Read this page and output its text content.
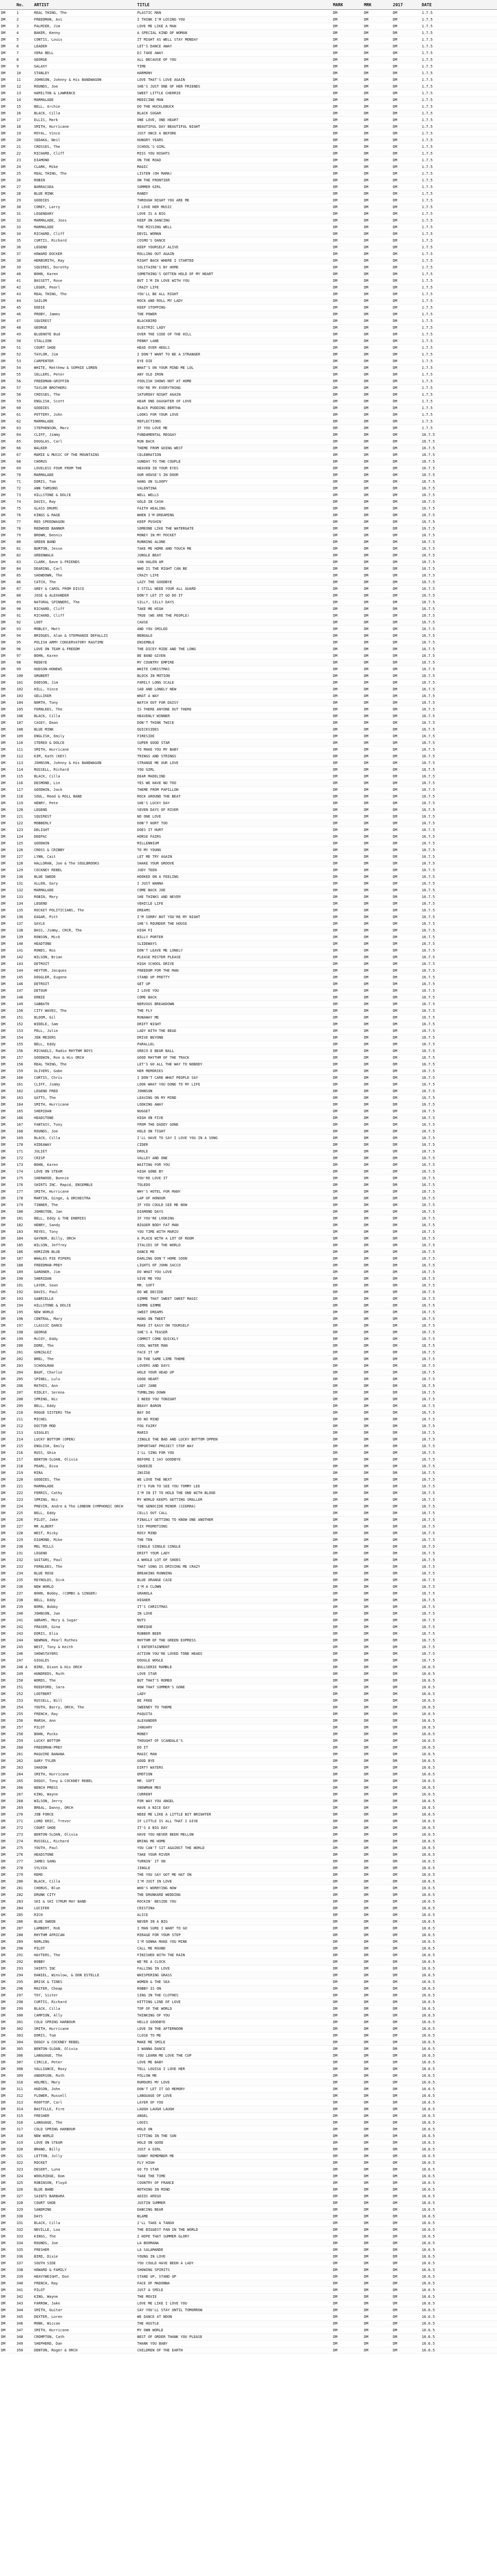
	No.	ARTIST	TITLE	MARK	MRK	2017	DATE
DM	1	REAL THING, The	PLASTIC MAN	DM	DM	DM	1.7.5
DM	2	FREEDMAN, Avi	I THINK I'M LOSING YOU	DM	DM	DM	1.7.5
DM	3	PALMIER, Jim	LOVE ME LIKE A MAN	DM	DM	DM	1.7.5
DM	4	BAKER, Kenny	A SPECIAL KIND OF WOMAN	DM	DM	DM	1.7.5
DM	5	CONTIS, Louis	IT MIGHT AS WELL STAY MONDAY	DM	DM	DM	1.7.5
DM	6	LEADER	LET'S DANCE AWAY	DM	DM	DM	1.7.5
DM	7	VERA BELL	DJ TAKE AWAY	DM	DM	DM	1.7.5
DM	8	GEORGE	ALL BECAUSE OF YOU	DM	DM	DM	1.7.5
DM	9	GALAXY	TIME	DM	DM	DM	1.7.5
DM	10	STANLEY	HARMONY	DM	DM	DM	1.7.5
DM	11	JOHNSON, Johnny & His BANDWAGON	LOVE THAT'S LOVE AGAIN	DM	DM	DM	1.7.5
DM	12	ROUNDS, Joe	SHE'S JUST ONE OF HER FRIENDS	DM	DM	DM	1.7.5
DM	13	HAMILTON & LAWRENCE	SWEET LITTLE CHERRIE	DM	DM	DM	1.7.5
DM	14	MARMALADE	MEDICINE MAN	DM	DM	DM	1.7.5
DM	15	BELL, Archie	DO THE HUCKLEBUCK	DM	DM	DM	1.7.5
DM	16	BLACK, Cilla	BLACK SUGAR	DM	DM	DM	1.7.5
DM	17	ELLIS, Mark	ONE LOVE, ONE HEART	DM	DM	DM	1.7.5
DM	18	SMITH, Hurricane	BEAUTIFUL DAY BEAUTIFUL NIGHT	DM	DM	DM	1.7.5
DM	19	ROYAL, Vince	JUST ONCE A BEFORE	DM	DM	DM	1.7.5
DM	20	SEDAKA, Neil	HUNGRY YEARS	DM	DM	DM	1.7.5
DM	21	CROSSES, The	SCHOOL'S GIRL	DM	DM	DM	1.7.5
DM	22	RICHARD, Cliff	MISS YOU NIGHTS	DM	DM	DM	1.7.5
DM	23	DIAMOND	ON THE ROAD	DM	DM	DM	1.7.5
DM	24	CLARK, Mike	MAGIC	DM	DM	DM	1.7.5
DM	25	REAL THING, The	LISTEN (OH MAMA)	DM	DM	DM	1.7.5
DM	26	ROBIN	ON THE FRONTIER	DM	DM	DM	1.7.5
DM	27	BARRACUDA	SUMMER GIRL	DM	DM	DM	1.7.5
DM	28	BLUE MINK	RANDY	DM	DM	DM	1.7.5
DM	29	GOODIES	THROUGH NIGHT YOU ARE ME	DM	DM	DM	1.7.5
DM	30	COREY, Larry	I LOVE HER MUSIC	DM	DM	DM	1.7.5
DM	31	LEGENDARY	LOVE IS A BIG	DM	DM	DM	1.7.5
DM	32	MARMALADE, Joss	KEEP ON DANCING	DM	DM	DM	1.7.5
DM	33	MARMALADE	THE MISSING WELL	DM	DM	DM	1.7.5
DM	34	RICHARD, Cliff	DEVIL WOMAN	DM	DM	DM	1.7.5
DM	35	CURTIS, Richard	COSMO'S DANCE	DM	DM	DM	1.7.5
DM	36	LEGEND	KEEP YOURSELF ALIVE	DM	DM	DM	1.7.5
DM	37	HOWARD DOCKER	ROLLING OUT AGAIN	DM	DM	DM	1.7.5
DM	38	HERBSMITH, Ray	RIGHT BACK WHERE I STARTED	DM	DM	DM	1.7.5
DM	39	SQUIRES, Dorothy	SOLITAIRE'S BY HOME	DM	DM	DM	1.7.5
DM	40	BOHN, Karen	SOMETHING'S GOTTEN HOLD OF MY HEART	DM	DM	DM	1.7.5
DM	41	BASSETT, Rose	BUT I'M IN LOVE WITH YOU	DM	DM	DM	1.7.5
DM	42	LEGER, Pearl	CRAZY LIFE	DM	DM	DM	1.7.5
DM	43	REAL THING, The	YOU'LL BE ALL RIGHT	DM	DM	DM	1.7.5
DM	44	SAILOR	ROCK AND ROLL MY LADY	DM	DM	DM	1.7.5
DM	45	EDDIE	KEEP STOPPING	DM	DM	DM	1.7.5
DM	46	PROBY, James	THE POWER	DM	DM	DM	1.7.5
DM	47	SQUIREST	BLACKBIRD	DM	DM	DM	1.7.5
DM	48	GEORGE	ELECTRIC LADY	DM	DM	DM	1.7.5
DM	49	BLUENOTE Bud	OVER THE SIDE OF THE HILL	DM	DM	DM	1.7.5
DM	50	STALLION	PENNY LANE	DM	DM	DM	1.7.5
DM	51	COURT SHOE	HEAD OVER HEELS	DM	DM	DM	1.7.5
DM	52	TAYLOR, Jim	I DON'T WANT TO BE A STRANGER	DM	DM	DM	1.7.5
DM	53	CARPENTER	EYE DIE	DM	DM	DM	1.7.5
DM	54	WHITE, Matthew & SOPHIE LOREN	WHAT'S ON YOUR MIND ME LOL	DM	DM	DM	1.7.5
DM	55	SELLERS, Peter	ANY OLD IRON	DM	DM	DM	1.7.5
DM	56	FREEDMAN-GRIFFIN	FOOLISH SHOWS NOT AT HOME	DM	DM	DM	1.7.5
DM	57	TAYLOR BROTHERS	YOU'RE MY EVERYTHING	DM	DM	DM	1.7.5
DM	58	CROSSES, The	SATURDAY NIGHT AGAIN	DM	DM	DM	1.7.5
DM	59	ENGLISH, Scott	HEAR ONE DAUGHTER OF LOVE	DM	DM	DM	1.7.5
DM	60	GOODIES	BLACK PUDDING BERTHA	DM	DM	DM	1.7.5
DM	61	POTTERY, John	LOOKS FOR YOUR LOVE	DM	DM	DM	1.7.5
DM	62	MARMALADE	REFLECTIONS	DM	DM	DM	1.7.5
DM	63	STEPHENSON, Marv	IF YOU LOVE ME	DM	DM	DM	1.7.5
DM	64	CLIFF, Jimmy	FUNDAMENTAL REGGAY	DM	DM	DM	16.7.5
DM	65	DOUGLAS, Carl	RUN BACK	DM	DM	DM	16.7.5
DM	66	WALKER	THEME FROM GOING WEST	DM	DM	DM	16.7.5
DM	67	MAMIE & MUSIC OF THE MOUNTAINS	CELEBRATION	DM	DM	DM	16.7.5
DM	68	CHORUS	SUNDAY TO THE COUPLE	DM	DM	DM	16.7.5
DM	69	LOVELESS FOUR FROM THE	HEAVEN IN YOUR EYES	DM	DM	DM	16.7.5
DM	70	MARMALADE	OUR HOUSE'S IN DOOR	DM	DM	DM	16.7.5
DM	71	DORIS, Tom	HANG ON SLOOPY	DM	DM	DM	16.7.5
DM	72	ANN TAMSONS	VALENTINA	DM	DM	DM	16.7.5
DM	73	HILLSTONE & DOLCE	WELL WELLS	DM	DM	DM	16.7.5
DM	74	DAVIS, Ray	GOLD IN CASH	DM	DM	DM	16.7.5
DM	75	GLASS DRUMS	FAITH HEALING	DM	DM	DM	16.7.5
DM	76	KINGS & RAGE	WHEN I'M DREAMING	DM	DM	DM	16.7.5
DM	77	REO SPEEDWAGON	KEEP PUSHIN'	DM	DM	DM	16.7.5
DM	78	REDWOOD BANNER	SOMEONE LIKE THE WATERGATE	DM	DM	DM	16.7.5
DM	79	BROWN, Dennis	MONEY IN MY POCKET	DM	DM	DM	16.7.5
DM	80	GREEN BAND	RUNNING ALONE	DM	DM	DM	16.7.5
DM	81	BURTON, Jesse	TAKE ME HOME AND TOUCH ME	DM	DM	DM	16.7.5
DM	82	GREENWALK	JUNGLE BEAT	DM	DM	DM	16.7.5
DM	83	CLARK, Dave & FRIENDS	VAN HALEN AM	DM	DM	DM	16.7.5
DM	84	DEARING, Carl	WHO IS THE RIGHT CAN BE	DM	DM	DM	16.7.5
DM	85	SHOWDOWN, The	CRAZY LIFE	DM	DM	DM	16.7.5
DM	86	CATCH, The	LAZY THE GOODBYE	DM	DM	DM	16.7.5
DM	87	GREY & CAROL FROM DISCO	I STILL NEED YOUR ALL GUARD	DM	DM	DM	16.7.5
DM	88	JOSE & ALEXANDER	DON'T LET IT GO DO IT	DM	DM	DM	16.7.5
DM	89	NATURAL SPINNERS, The	SILLY, SILLY DAYS	DM	DM	DM	16.7.5
DM	90	RICHARD, Cliff	TAKE ME HIGH	DM	DM	DM	16.7.5
DM	91	RICHARD, Cliff	TRUE (WE ARE THE PEOPLE)	DM	DM	DM	16.7.5
DM	92	LOOT	CAUSE	DM	DM	DM	16.7.5
DM	93	MOBLEY, Matt	AND YOU SMILED	DM	DM	DM	16.7.5
DM	94	BRIDGES, Alan & STEPHANIE DEFALLIS	BENGALO	DM	DM	DM	16.7.5
DM	95	POLISH ARMY CONSERVATORY RAGTIME	ENSEMBLE	DM	DM	DM	16.7.5
DM	96	LOVE ON TEAM & FREEDM	THE DICEY RIDE AND THE LONG	DM	DM	DM	16.7.5
DM	97	BOHN, Karen	BE BAND GIVEN	DM	DM	DM	16.7.5
DM	98	REDEYE	MY COUNTRY EMPIRE	DM	DM	DM	16.7.5
DM	99	HUDSON-HONEWS	WHITE CHRISTMAS	DM	DM	DM	16.7.5
DM	100	GRUBERT	BLOCK IN MOTION	DM	DM	DM	16.7.5
DM	101	DODSON, Jim	FAMILY LONG SCALE	DM	DM	DM	16.7.5
DM	102	HILL, Vince	SAD AND LONELY NEW	DM	DM	DM	16.7.5
DM	103	GELLIKER	WHAT A WAY	DM	DM	DM	16.7.5
DM	104	NORTH, Tony	WATCH OUT FOR DAISY	DM	DM	DM	16.7.5
DM	105	FERNLEES, The	IS THERE ANYONE OUT THERE	DM	DM	DM	16.7.5
DM	106	BLACK, Cilla	HEAVENLY WINNER	DM	DM	DM	16.7.5
DM	107	CASEY, Dean	DON'T THINK TWICE	DM	DM	DM	16.7.5
DM	108	BLUE MINK	QUICKSIDES	DM	DM	DM	16.7.5
DM	109	ENGLISH, Emily	FIRESIDE	DM	DM	DM	16.7.5
DM	110	STEREO & DOLCE	SUPER GOOD STAR	DM	DM	DM	16.7.5
DM	111	SMITH, Hurricane	TO MAKE YOU MY BABY	DM	DM	DM	16.7.5
DM	112	KIM, Kath (KEY)	TRINGS AND STRINGS	DM	DM	DM	16.7.5
DM	113	JOHNSON, Johnny & His BANDWAGON	STRANGE ME OUR LOVE	DM	DM	DM	16.7.5
DM	114	RUSSELL, Richard	YOU GIRL	DM	DM	DM	16.7.5
DM	115	BLACK, Cilla	DEAR MADELINE	DM	DM	DM	16.7.5
DM	116	DESMOND, Lin	YES WE HAVE NO TOO	DM	DM	DM	16.7.5
DM	117	GOODWIN, Jack	THEME FROM PAPILLON	DM	DM	DM	16.7.5
DM	118	SOUL, Reed & ROLL BAND	ROCK AROUND THE BEAT	DM	DM	DM	16.7.5
DM	119	HENRY, Pete	SHE'S LUCKY DAY	DM	DM	DM	16.7.5
DM	120	LEGEND	SEVEN DAYS OF RIVER	DM	DM	DM	16.7.5
DM	121	SQUIREST	NO ONE LOVE	DM	DM	DM	16.7.5
DM	122	MOBBERLY	DON'T HURT TOO	DM	DM	DM	16.7.5
DM	123	DELIGHT	DOES IT HURT	DM	DM	DM	16.7.5
DM	124	DEEPAC	HORSE FAIRS	DM	DM	DM	16.7.5
DM	125	GOODWIN	MILLENNIUM	DM	DM	DM	16.7.5
DM	126	CROSS & CRIBBY	TO MY YOUNG	DM	DM	DM	16.7.5
DM	127	LYNN, Cait	LET ME TRY AGAIN	DM	DM	DM	16.7.5
DM	128	HALLORAN, Joe & The SOULBROOKS	SHAKE YOUR GROOVE	DM	DM	DM	16.7.5
DM	129	COCKNEY REBEL	JUDY TEEN	DM	DM	DM	16.7.5
DM	130	BLUE SWEDE	HOOKED ON A FEELING	DM	DM	DM	16.7.5
DM	131	ALLEN, Gary	I JUST WANNA	DM	DM	DM	16.7.5
DM	132	MARMALADE	COME BACK JOE	DM	DM	DM	16.7.5
DM	133	ROBIN, Mary	SHE THINKS AND NEVER	DM	DM	DM	16.7.5
DM	134	LEGEND	VEHICLE LIFE	DM	DM	DM	16.7.5
DM	135	ROCKET POLITICIANS, The	DREAMS	DM	DM	DM	16.7.5
DM	136	EAGAR, Pitt	I'M SORRY BUT YOU'RE MY NIGHT	DM	DM	DM	16.7.5
DM	137	GAYLE	SHE'S ROUNDER THE HOUSE	DM	DM	DM	16.7.5
DM	138	BASS, Jimmy, CRCR, The	HIGH FI	DM	DM	DM	16.7.5
DM	139	RONSON, Mick	BILLY PORTER	DM	DM	DM	16.7.5
DM	140	HEADTONE	SLIDEWAYS	DM	DM	DM	16.7.5
DM	141	RONDS, Ros	DON'T LEAVE ME LONELY	DM	DM	DM	16.7.5
DM	142	WILSON, Brian	PLEASE MISTER PLEASE	DM	DM	DM	16.7.5
DM	143	DETROIT	HIGH SCHOOL DRIVE	DM	DM	DM	16.7.5
DM	144	HEYTOR, Jacques	FREEDOM FOR THE MAN	DM	DM	DM	16.7.5
DM	145	DOGGLER, Eugene	STAND UP PRETTY	DM	DM	DM	16.7.5
DM	146	DETROIT	GET UP	DM	DM	DM	16.7.5
DM	147	DETOUR	I LOVE YOU	DM	DM	DM	16.7.5
DM	148	ERNIE	COME BACK	DM	DM	DM	16.7.5
DM	149	SABBATH	NERVOUS BREAKDOWN	DM	DM	DM	16.7.5
DM	150	CITY WAVES, The	THE FLY	DM	DM	DM	16.7.5
DM	151	BLOOM, Gil	RUNAWAY ME	DM	DM	DM	16.7.5
DM	152	WIDDLE, Sam	DRIFT NIGHT	DM	DM	DM	16.7.5
DM	153	PELL, Julie	LADY WITH THE BEAD	DM	DM	DM	16.7.5
DM	154	JEN MEIERS	DRIVE BEYOND	DM	DM	DM	16.7.5
DM	155	BELL, Eddy	PARALLEL	DM	DM	DM	16.7.5
DM	156	MICHAELS, Radio RHYTHM BOYS	GRECO E BEAR BALL	DM	DM	DM	16.7.5
DM	157	GOODWIN, Ron & His ORCH	GOOD RHYTHM OF THE TRACK	DM	DM	DM	16.7.5
DM	158	REAL THING, The	LET'S GO ALL THE WAY TO NOBODY	DM	DM	DM	16.7.5
DM	159	OLIVERS, Gabe	HER MEMORIES	DM	DM	DM	16.7.5
DM	160	CURTIS, Chris	I DON'T CARE WHAT PEOPLE SAY	DM	DM	DM	16.7.5
DM	161	CLIFF, Jimmy	LOOK WHAT YOU DONE TO MY LIFE	DM	DM	DM	16.7.5
DM	162	LEGEND FRED	JOHNSON	DM	DM	DM	16.7.5
DM	163	GATTS, The	LEAVING ON MY MIND	DM	DM	DM	16.7.5
DM	164	SMITH, Hurricane	LOOKING AWAY	DM	DM	DM	16.7.5
DM	165	SHERIDAN	NUGGET	DM	DM	DM	16.7.5
DM	166	HEADSTONE	HIGH ON FIVE	DM	DM	DM	16.7.5
DM	167	FANTASY, Tony	FROM THE DADDY GONE	DM	DM	DM	16.7.5
DM	168	ROUNDS, Joe	HOLD ON TIGHT	DM	DM	DM	16.7.5
DM	169	BLACK, Cilla	I'LL HAVE TO SAY I LOVE YOU IN A SONG	DM	DM	DM	16.7.5
DM	170	HIDEAWAY	CIDER	DM	DM	DM	16.7.5
DM	171	JULIET	DROLE	DM	DM	DM	16.7.5
DM	172	CRISP	VALLEY AND ONE	DM	DM	DM	16.7.5
DM	173	BOHN, Karen	WAITING FOR YOU	DM	DM	DM	16.7.5
DM	174	LOVE ON STEAM	HIGH GONE BY	DM	DM	DM	16.7.5
DM	175	SHERWOOD, Bonnie	YOU'RE LOVE IT	DM	DM	DM	16.7.5
DM	176	SHIRTS INC. Rapid, ENSEMBLE	TOLEDO	DM	DM	DM	16.7.5
DM	177	SMITH, Hurricane	WHY'S HOTEL FOR MANY	DM	DM	DM	16.7.5
DM	178	MARTIN, Ginge, & ORCHESTRA	LAP OF HONOUR	DM	DM	DM	16.7.5
DM	179	TINNER, The	IF YOU COULD SEE ME NOW	DM	DM	DM	16.7.5
DM	180	JOHNSTON, Jan	DIAMOND DAYS	DM	DM	DM	16.7.5
DM	181	BELL, Eddy & THE ENEMIES	IF YOU'RE LOOKING	DM	DM	DM	16.7.5
DM	182	HENRY, Sandy	BIGGER BODY FAT MAN	DM	DM	DM	16.7.5
DM	183	REYES, Tony	YOU TIME WITH MARIO	DM	DM	DM	16.7.5
DM	184	GAYNOR, Billy, ORCH	A PLACE WITH A LOT OF ROOM	DM	DM	DM	16.7.5
DM	185	WILSON, Jeffrey	ITALIES OF THE WORLD	DM	DM	DM	16.7.5
DM	186	HORIZON BLUE	DANCE ME	DM	DM	DM	16.7.5
DM	187	WHALES PIE PIPERS	DARLING DON'T HOME SOON	DM	DM	DM	16.7.5
DM	188	FREEDMAN-PREY	LIGHTS OF JOHN SACCO	DM	DM	DM	16.7.5
DM	189	GARDNER, Jim	DO WHAT YOU LOVE	DM	DM	DM	16.7.5
DM	190	SHERIDAN	GIVE ME YOU	DM	DM	DM	16.7.5
DM	191	LAYER, Sean	MR. SOFT	DM	DM	DM	16.7.5
DM	192	DAVIS, Paul	DO WE DECIDE	DM	DM	DM	16.7.5
DM	193	GABRIELLE	GIMME THAT SWEET SWEET MAGIC	DM	DM	DM	16.7.5
DM	194	HILLSTONE & DOLCE	GIMME GIMME	DM	DM	DM	16.7.5
DM	195	NEW WORLD	SWEET DREAMS	DM	DM	DM	16.7.5
DM	196	CENTRAL, Mary	HANG ON TWEET	DM	DM	DM	16.7.5
DM	197	CLASSIC DANCE	MAKE IT EASY ON YOURSELF	DM	DM	DM	16.7.5
DM	198	GEORGE	SHE'S A TEASER	DM	DM	DM	16.7.5
DM	199	McCOY, Eddy	COMMIT COME QUICKLY	DM	DM	DM	16.7.5
DM	200	DORE, The	COOL WATER MAN	DM	DM	DM	16.7.5
DM	201	GONZALEZ	FACE IT UP	DM	DM	DM	16.7.5
DM	202	BREL, The	IN THE SAME LIME THEME	DM	DM	DM	16.7.5
DM	203	SCHOOLMAN	LOVERS AND DAYS	DM	DM	DM	16.7.5
DM	204	BAUF, Charlie	HOLD YOUR HEAD UP	DM	DM	DM	16.7.5
DM	205	SPINEL, Lulu	GOOD HEART	DM	DM	DM	16.7.5
DM	206	MATHIS, Ann	LADY JANE	DM	DM	DM	16.7.5
DM	207	RIDLEY, Serena	TUMBLING DOWN	DM	DM	DM	16.7.5
DM	208	SPRING, Nic	I NEED YOU TONIGHT	DM	DM	DM	16.7.5
DM	209	BELL, Eddy	BEAVY BARON	DM	DM	DM	16.7.5
DM	210	ROGUE SISTERS The	BAY DO	DM	DM	DM	16.7.5
DM	211	MICHEL	DO NO MIND	DM	DM	DM	16.7.5
DM	212	DOCTOR MOD	FOG FAIRY	DM	DM	DM	16.7.5
DM	213	GIGGLES	MARIO	DM	DM	DM	16.7.5
DM	214	LUCKY BOTTOM (OPEN)	JINGLE THE BAD AND LUCKY BOTTOM OPPEN	DM	DM	DM	16.7.5
DM	215	ENGLISH, Emily	IMPORTANT PROJECT STOP WAY	DM	DM	DM	16.7.5
DM	216	RUSS, Ghia	I'LL SING FOR YOU	DM	DM	DM	16.7.5
DM	217	BENTON-SLOAN, Olivia	BEFORE I SAY GOODBYE	DM	DM	DM	16.7.5
DM	218	PEARL, Diva	SQUEEZE	DM	DM	DM	16.7.5
DM	219	MIRA	INSIDE	DM	DM	DM	16.7.5
DM	220	GOODIES, The	WE LOVE THE NEXT	DM	DM	DM	16.7.5
DM	221	MARMALADE	IT'S FUN TO SEE YOU TOMMY LEE	DM	DM	DM	16.7.5
DM	222	FERRIS, Cathy	I'M IN IT TO HOLD THE ONE WITH BLOOD	DM	DM	DM	16.7.5
DM	223	SPRING, Nic	MY WORLD KEEPS GETTING SMALLER	DM	DM	DM	16.7.5
DM	224	PREVIN, Andre & The LONDON SYMPHONIC ORCH	THE GENOCIDE MINOR (SIERRA)	DM	DM	DM	16.7.5
DM	225	BELL, Eddy	CELLS OUT CALL	DM	DM	DM	16.7.5
DM	226	PILOT, Jake	FINALLY GETTING TO KNOW ONE ANOTHER	DM	DM	DM	16.7.5
DM	227	MR ALBERT	SIX PROMOTIONS	DM	DM	DM	16.7.5
DM	228	WEST, Ricky	ROSY MIND	DM	DM	DM	16.7.5
DM	229	DIAMOND, Mike	THE TEN	DM	DM	DM	16.7.5
DM	230	MEL MILLS	SINGLE SINGLE SINGLE	DM	DM	DM	16.7.5
DM	231	LEGEND	DRIFT YOUR LADY	DM	DM	DM	16.7.5
DM	232	GUITARS, Paul	A WHOLE LOT OF SHOES	DM	DM	DM	16.7.5
DM	233	FERNLEES, The	THAT SONG IS DRIVING ME CRAZY	DM	DM	DM	16.7.5
DM	234	BLUE ROSE	BREAKING RUNNING	DM	DM	DM	16.7.5
DM	235	REYNOLDS, Dick	BLUE ORANGE CASE	DM	DM	DM	16.7.5
DM	236	NEW WORLD	I'M A CLOWN	DM	DM	DM	16.7.5
DM	237	BOHN, Bobby, (COMBS & SINGER)	GRANOLA	DM	DM	DM	16.7.5
DM	238	BELL, Eddy	HIGHER	DM	DM	DM	16.7.5
DM	239	BORN, Bobby	IT'S CHRISTMAS	DM	DM	DM	16.7.5
DM	240	JOHNSON, Jan	IN LOVE	DM	DM	DM	16.7.5
DM	241	ABRAMS, Mary & Sugar	NUTS	DM	DM	DM	16.7.5
DM	242	FRASER, Gina	ENRIQUE	DM	DM	DM	16.7.5
DM	243	DORIS, Elia	RUBBER BEER	DM	DM	DM	16.7.5
DM	244	NEWMAN, Pearl Ruthes	RHYTHM OF THE GREEN EXPRESS	DM	DM	DM	16.7.5
DM	245	WEST, Tony & Keith	I ENTERTAINMENT	DM	DM	DM	16.7.5
DM	246	SHOWSTAYERS	ACTION YOU'RE LOVED TONE HEADS	DM	DM	DM	16.7.5
DM	247	GIGGLES	DOUGLE WOGLE	DM	DM	DM	16.7.5
DM	248 A	BIRD, Dixon & His ORCH	BULLSERIE RAMBLE	DM	DM	DM	16.6.5
DM	249	HUNDREDS, Ruth	LOVE STAR	DM	DM	DM	16.6.5
DM	250	WORDS, The	BUT THAT'S ROMEO	DM	DM	DM	16.6.5
DM	251	REEDFORD, Sara	HOW THAT SUMMER'S GONE	DM	DM	DM	16.6.5
DM	252	LOOTBERT	LADY	DM	DM	DM	16.6.5
DM	253	RUSSELL, Bill	BE FREE	DM	DM	DM	16.6.5
DM	254	YOUTH, Barry, ORCH, The	SWEENEY TO THEME	DM	DM	DM	16.6.5
DM	255	FRENCH, Ray	PAQUITA	DM	DM	DM	16.6.5
DM	256	MARSH, Ann	ALEXANDER	DM	DM	DM	16.6.5
DM	257	PILOT	JANUARY	DM	DM	DM	16.6.5
DM	258	BOHN, Pucks	MONEY	DM	DM	DM	16.6.5
DM	259	LUCKY BOTTOM	THOUGHT OF SCANDALE'S	DM	DM	DM	16.6.5
DM	260	FREEDMAN-PREY	DO IT	DM	DM	DM	16.6.5
DM	261	MAGUIRE BANANA	MAGIC MAN	DM	DM	DM	16.6.5
DM	262	GARY TYLER	GOOD BYE	DM	DM	DM	16.6.5
DM	263	SHADOW	DIRTY WATERS	DM	DM	DM	16.6.5
DM	264	SMITH, Hurricane	EMOTION	DM	DM	DM	16.6.5
DM	265	DOGGY, Tony & COCKNEY REBEL	MR. SOFT	DM	DM	DM	16.6.5
DM	266	BENCH PRESS	SNOWMAN MEX	DM	DM	DM	16.6.5
DM	267	KING, Wayne	CURRENT	DM	DM	DM	16.6.5
DM	268	WILSON, Jerry	FOR WAY YOU ANGEL	DM	DM	DM	16.6.5
DM	269	BREAL, Danny, ORCH	HAVE A NICE DAY	DM	DM	DM	16.6.5
DM	270	JOB FORCE	NEED ME LIKE A LITTLE BIT BRIGHTER	DM	DM	DM	16.6.5
DM	271	LORD ERIC, Trevor	IF LITTLE IS ALL THAT I GIVE	DM	DM	DM	16.6.5
DM	272	COURT SHOE	IT'S A BIG DAY	DM	DM	DM	16.6.5
DM	273	BENTON-SLOAN, Olivia	HAVE YOU NEVER BEEN MELLOW	DM	DM	DM	16.6.5
DM	274	RUSSELL, Richard	BRING ME HOME	DM	DM	DM	16.6.5
DM	275	YOUTH, Paul	YOU CAN'T SIT AGAINST THE WORLD	DM	DM	DM	16.6.5
DM	276	HEADSTONE	TAKE YOUR RIVER	DM	DM	DM	16.6.5
DM	277	JAMES GANG	TURNIN' IT ON	DM	DM	DM	16.6.5
DM	278	SYLVIA	JINGLE	DM	DM	DM	16.6.5
DM	279	REMO	THE YOU SAY GOT ME HAT ON	DM	DM	DM	16.6.5
DM	280	BLACK, Cilla	I'M JUST IN LOVE	DM	DM	DM	16.6.5
DM	281	CHORUS, Blue	WHO'S WORRYING NOW	DM	DM	DM	16.6.5
DM	282	DRUNK CITY	THE DRUNKARD WEDDING	DM	DM	DM	16.6.5
DM	283	SKI & SKI STRUM MAY BAND	ROCKIN' BESIDE YOU	DM	DM	DM	16.6.5
DM	284	LUCIFER	CRISTINA	DM	DM	DM	16.6.5
DM	285	RICH	ALICE	DM	DM	DM	16.6.5
DM	286	BLUE SWEDE	NEVER IN A BIG	DM	DM	DM	16.6.5
DM	287	LAMBERT, Rob	I MAN SURE I WANT TO GO	DM	DM	DM	16.6.5
DM	288	RHYTHM AFRICAN	MIRAGE FOR YOUR STEP	DM	DM	DM	16.6.5
DM	289	NORLING	I'M GONNA MAKE YOU MINE	DM	DM	DM	16.6.5
DM	290	PILOT	CALL ME ROUND	DM	DM	DM	16.6.5
DM	291	HAYTERS, The	FINISHED WITH THE RAIN	DM	DM	DM	16.6.5
DM	292	BOBBY	WE'RE A CLOCK	DM	DM	DM	16.6.5
DM	293	SHIRTS INC	FALLING IN LOVE	DM	DM	DM	16.6.5
DM	294	DANIEL, Winslow, & DON ESTELLE	WHISPERING GRASS	DM	DM	DM	16.6.5
DM	295	BRISK & TINES	WOMEN & THE SEA	DM	DM	DM	16.6.5
DM	296	MASTER, Cheap	ROBBY IS ON	DM	DM	DM	16.6.5
DM	297	TOY, Sister	SING IN THE CLOTHES	DM	DM	DM	16.6.5
DM	298	CURTIS, Richard	HITTING LINE OF LOVE	DM	DM	DM	16.6.5
DM	299	BLACK, Cilla	TOP OF THE WORLD	DM	DM	DM	16.6.5
DM	300	CAMPION, Ally	THINKING OF YOU	DM	DM	DM	16.6.5
DM	301	COLD SPRING HARBOUR	HELLO GOODBYE	DM	DM	DM	16.6.5
DM	302	SMITH, Hurricane	LOVE IN THE AFTERNOON	DM	DM	DM	16.6.5
DM	303	DORIS, Tom	CLOSE TO ME	DM	DM	DM	16.6.5
DM	304	DOGGY & COCKNEY REBEL	MAKE ME SMILE	DM	DM	DM	16.6.5
DM	305	BENTON-SLOAN, Olivia	I WANNA DANCE	DM	DM	DM	16.6.5
DM	306	LANGUAGE, The	YOU LEARN ME LOVE THE CUP	DM	DM	DM	16.6.5
DM	307	CIRCLE, Peter	LOVE ME BABY	DM	DM	DM	16.6.5
DM	308	VALLIANCE, Roxy	TELL LOUISA I LOVE HER	DM	DM	DM	16.6.5
DM	309	ANDERSON, Ruth	FOLLOW ME	DM	DM	DM	16.6.5
DM	310	HOLMES, Mary	RUMOURS MY LOVE	DM	DM	DM	16.6.5
DM	311	HUDSON, John	DON'T LET IT GO MEMORY	DM	DM	DM	16.6.5
DM	312	FLOWER, Russell	LANGUAGE OF LOVE	DM	DM	DM	16.6.5
DM	313	ROOFTOP, Carl	LAYER OF YOU	DM	DM	DM	16.6.5
DM	314	BASTILLE, Fire	LAUGH LAUGH LAUGH	DM	DM	DM	16.6.5
DM	315	FRESHER	ANGEL	DM	DM	DM	16.6.5
DM	316	LANGUAGE, The	LOUIS	DM	DM	DM	16.6.5
DM	317	COLD SPRING HARBOUR	HOLD ON	DM	DM	DM	16.6.5
DM	318	NEW WORLD	SITTING IN THE SUN	DM	DM	DM	16.6.5
DM	319	LOVE ON STEAM	HOLD ON GOOD	DM	DM	DM	16.6.5
DM	320	BRAND, Billy	JUST A GIRL	DM	DM	DM	16.6.5
DM	321	LETTON, Jolly	SUNNY REMEMBER ME	DM	DM	DM	16.6.5
DM	322	ROCKET	FLY HIGH	DM	DM	DM	16.6.5
DM	323	DESERT, Luna	GO TO STAR	DM	DM	DM	16.6.5
DM	324	WOOLRIDGE, Dom	TAKE THE TIME	DM	DM	DM	16.6.5
DM	325	ROBINSON, Floyd	COUNTRY OF FRANCE	DM	DM	DM	16.6.5
DM	326	BLUE BAND	NOTHING IN MIND	DM	DM	DM	16.6.5
DM	327	SAINTS BARBARA	ADIOS AMIGO	DM	DM	DM	16.6.5
DM	328	COURT SHOE	JUSTIN SUMMER	DM	DM	DM	16.6.5
DM	329	SANDRINE	DANCING BEAR	DM	DM	DM	16.6.5
DM	330	DAYS	BLAME	DM	DM	DM	16.6.5
DM	331	BLACK, Cilla	I'LL TAKE A TANGO	DM	DM	DM	16.6.5
DM	332	NEVILLE, Lou	THE BIGGEST FAN IN THE WORLD	DM	DM	DM	16.6.5
DM	333	KINGS, The	I HOPE THAT SUMMER GLORY	DM	DM	DM	16.6.5
DM	334	ROUNDS, Joe	LA BOOMANA	DM	DM	DM	16.6.5
DM	335	FRESHER	LA SALAMANDE	DM	DM	DM	16.6.5
DM	336	BIRD, Dixie	YOUNG IN LOVE	DM	DM	DM	16.6.5
DM	337	SOUTH SIDE	YOU COULD HAVE BEEN A LADY	DM	DM	DM	16.6.5
DM	338	HOWARD & FAMILY	SHOWING SPIRITS	DM	DM	DM	16.6.5
DM	339	HEAVYWEIGHT, Don	STAND UP, STAND UP	DM	DM	DM	16.6.5
DM	340	FRENCH, Ray	FACE OF MADONNA	DM	DM	DM	16.6.5
DM	341	PILOT	JUST A SMILE	DM	DM	DM	16.6.5
DM	342	KING, Wayne	THE MOVIE	DM	DM	DM	16.6.5
DM	343	FARROW, Jake	LOVE ME LIKE I LOVE YOU	DM	DM	DM	16.6.5
DM	344	SMITH, Guitar	SAY YOU'LL STAY UNTIL TOMORROW	DM	DM	DM	16.6.5
DM	345	DEXTER, Loren	WE DANCE AT NOON	DM	DM	DM	16.6.5
DM	346	MONK, Wiccan	THE HUSTLE	DM	DM	DM	16.6.5
DM	347	SMITH, Hurricane	MY OWN WORLD	DM	DM	DM	16.6.5
DM	348	CROMPTON, Cath	BEST OF ORDER THANK YOU PLEASE	DM	DM	DM	16.6.5
DM	349	SHEPHERD, Dan	THANK YOU BABY	DM	DM	DM	16.6.5
DM	350	DENTON, Roger & ORCH	CHILDREN OF THE EARTH	DM	DM	DM	16.6.5
